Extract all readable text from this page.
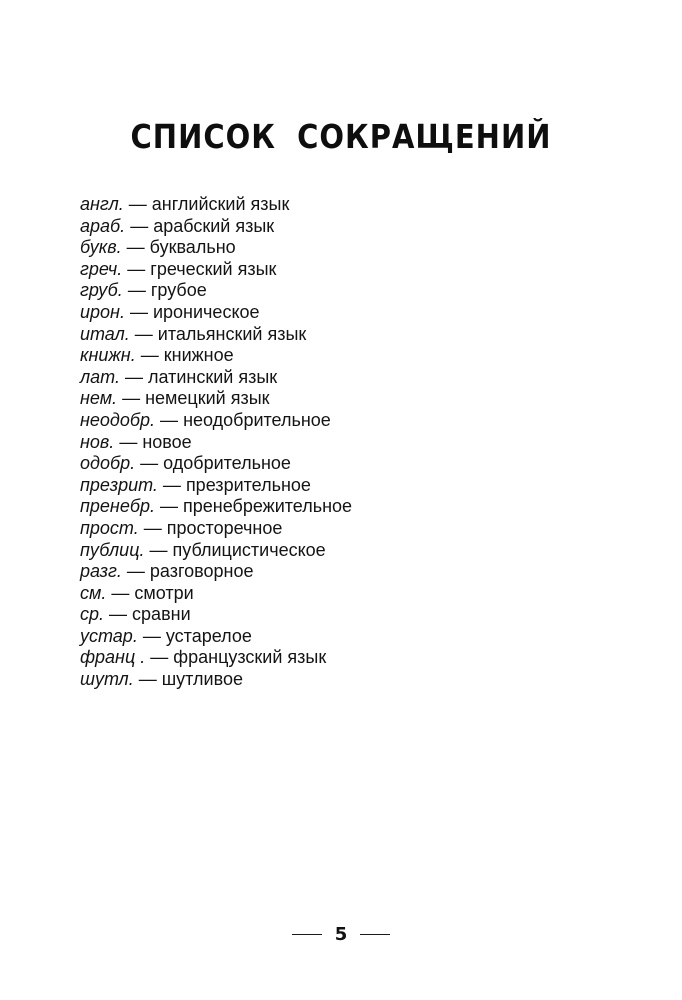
СПИСОК СОКРАЩЕНИЙ
англ. — английский язык
араб. — арабский язык
букв. — буквально
греч. — греческий язык
груб. — грубое
ирон. — ироническое
итал. — итальянский язык
книжн. — книжное
лат. — латинский язык
нем. — немецкий язык
неодобр. — неодобрительное
нов. — новое
одобр. — одобрительное
презрит. — презрительное
пренебр. — пренебрежительное
прост. — просторечное
публиц. — публицистическое
разг. — разговорное
см. — смотри
ср. — сравни
устар. — устарелое
франц . — французский язык
шутл. — шутливое
5
